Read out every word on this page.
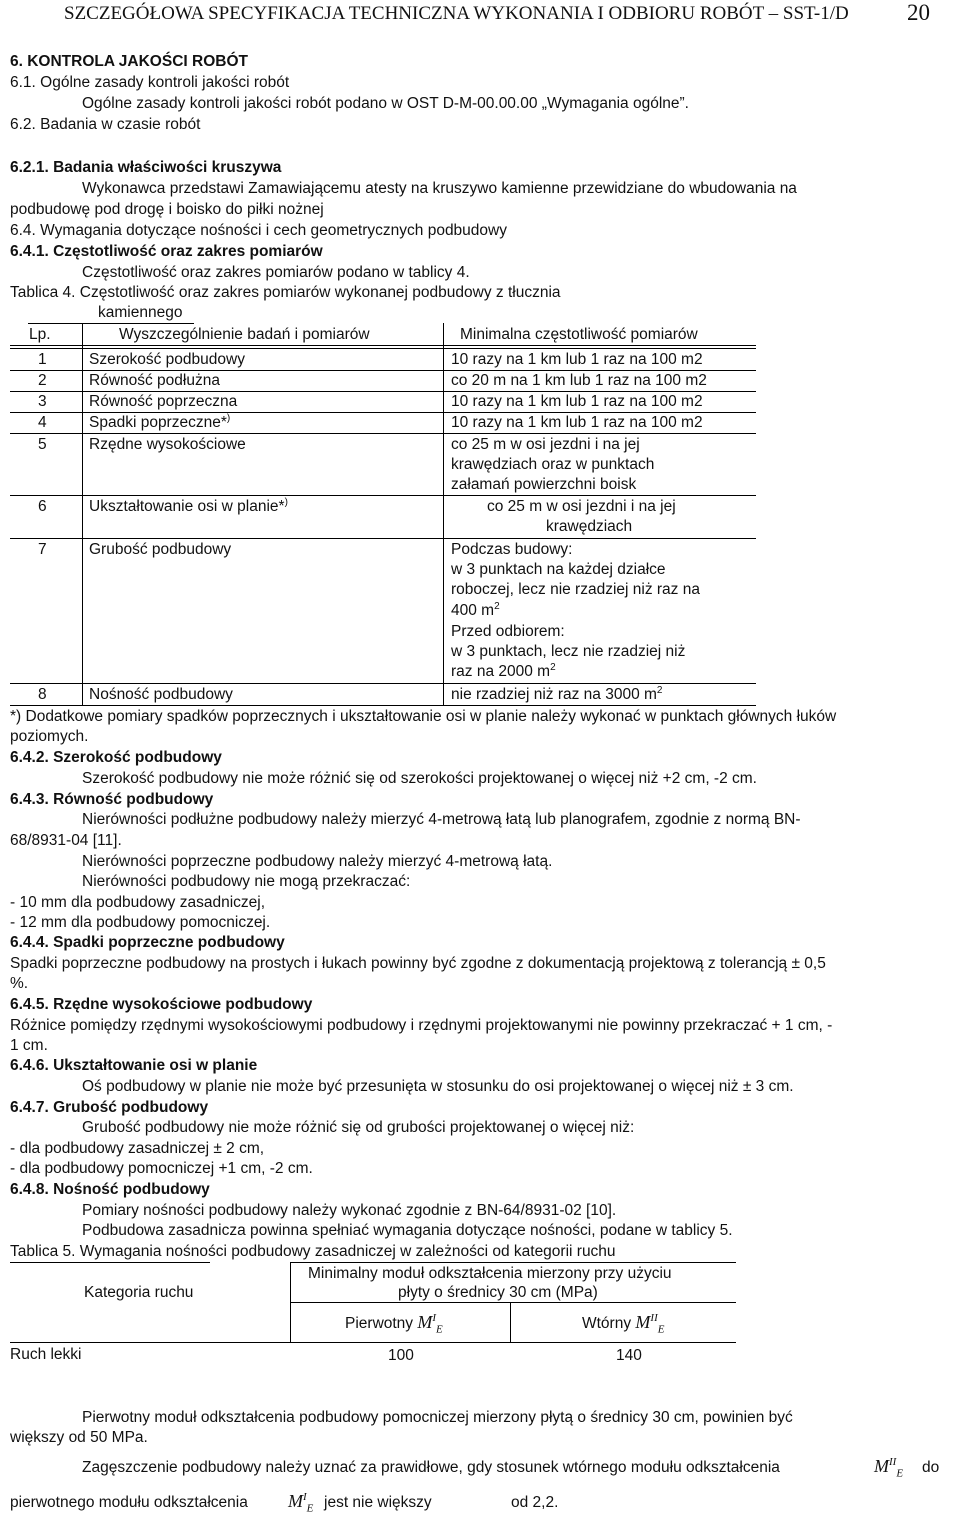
SZCZEGÓŁOWA SPECYFIKACJA TECHNICZNA WYKONANIA I ODBIORU ROBÓT – SST-1/D	20
6. KONTROLA JAKOŚCI ROBÓT
6.1. Ogólne zasady kontroli jakości robót
Ogólne zasady kontroli jakości robót podano w OST D-M-00.00.00 „Wymagania ogólne”.
6.2. Badania w czasie robót
6.2.1. Badania właściwości kruszywa
Wykonawca przedstawi Zamawiającemu atesty na kruszywo kamienne przewidziane do wbudowania na
podbudowę pod drogę i boisko do piłki nożnej
6.4. Wymagania dotyczące nośności i cech geometrycznych podbudowy
6.4.1. Częstotliwość oraz zakres pomiarów
Częstotliwość oraz zakres pomiarów podano w tablicy 4.
Tablica 4. Częstotliwość oraz zakres pomiarów wykonanej podbudowy z tłucznia
kamiennego
Lp.	Wyszczególnienie badań i pomiarów	Minimalna częstotliwość pomiarów
1	Szerokość podbudowy	10 razy na 1 km lub 1 raz na 100 m2
2	Równość podłużna	co 20 m na 1 km lub 1 raz na 100 m2
3	Równość poprzeczna	10 razy na 1 km lub 1 raz na 100 m2
4	Spadki poprzeczne*)	10 razy na 1 km lub 1 raz na 100 m2
5	Rzędne wysokościowe	co 25 m w osi jezdni i na jej
krawędziach oraz w punktach
załamań powierzchni boisk
6	Ukształtowanie osi w planie*)	co 25 m w osi jezdni i na jej
krawędziach
7	Grubość podbudowy	Podczas budowy:
w 3 punktach na każdej działce
roboczej, lecz nie rzadziej niż raz na
400 $m^2$
Przed odbiorem:
w 3 punktach, lecz nie rzadziej niż
raz na 2000 $m^2$
8	Nośność podbudowy	nie rzadziej niż raz na 3000 $m^2$
*) Dodatkowe pomiary spadków poprzecznych i ukształtowanie osi w planie należy wykonać w punktach głównych łuków
poziomych.
6.4.2. Szerokość podbudowy
Szerokość podbudowy nie może różnić się od szerokości projektowanej o więcej niż +2 cm, -2 cm.
6.4.3. Równość podbudowy
Nierówności podłużne podbudowy należy mierzyć 4-metrową łatą lub planografem, zgodnie z normą BN-
68/8931-04 [11].
Nierówności poprzeczne podbudowy należy mierzyć 4-metrową łatą.
Nierówności podbudowy nie mogą przekraczać:
- 10 mm dla podbudowy zasadniczej,
- 12 mm dla podbudowy pomocniczej.
6.4.4. Spadki poprzeczne podbudowy
Spadki poprzeczne podbudowy na prostych i łukach powinny być zgodne z dokumentacją projektową z tolerancją ± 0,5
%.
6.4.5. Rzędne wysokościowe podbudowy
Różnice pomiędzy rzędnymi wysokościowymi podbudowy i rzędnymi projektowanymi nie powinny przekraczać + 1 cm, -
1 cm.
6.4.6. Ukształtowanie osi w planie
Oś podbudowy w planie nie może być przesunięta w stosunku do osi projektowanej o więcej niż ± 3 cm.
6.4.7. Grubość podbudowy
Grubość podbudowy nie może różnić się od grubości projektowanej o więcej niż:
- dla podbudowy zasadniczej ± 2 cm,
- dla podbudowy pomocniczej +1 cm, -2 cm.
6.4.8. Nośność podbudowy
Pomiary nośności podbudowy należy wykonać zgodnie z BN-64/8931-02 [10].
Podbudowa zasadnicza powinna spełniać wymagania dotyczące nośności, podane w tablicy 5.
Tablica 5. Wymagania nośności podbudowy zasadniczej w zależności od kategorii ruchu
Kategoria ruchu
Minimalny moduł odkształcenia mierzony przy użyciu
płyty o średnicy 30 cm (MPa)
Pierwotny $M^I_E$	Wtórny $M^{II}_E$
Ruch lekki	100	140
Pierwotny moduł odkształcenia podbudowy pomocniczej mierzony płytą o średnicy 30 cm, powinien być
większy od 50 MPa.
Zagęszczenie podbudowy należy uznać za prawidłowe, gdy stosunek wtórnego modułu odkształcenia	$M^{II}_E$ do
pierwotnego modułu odkształcenia $M^I_E$ jest nie większy	od 2,2.
